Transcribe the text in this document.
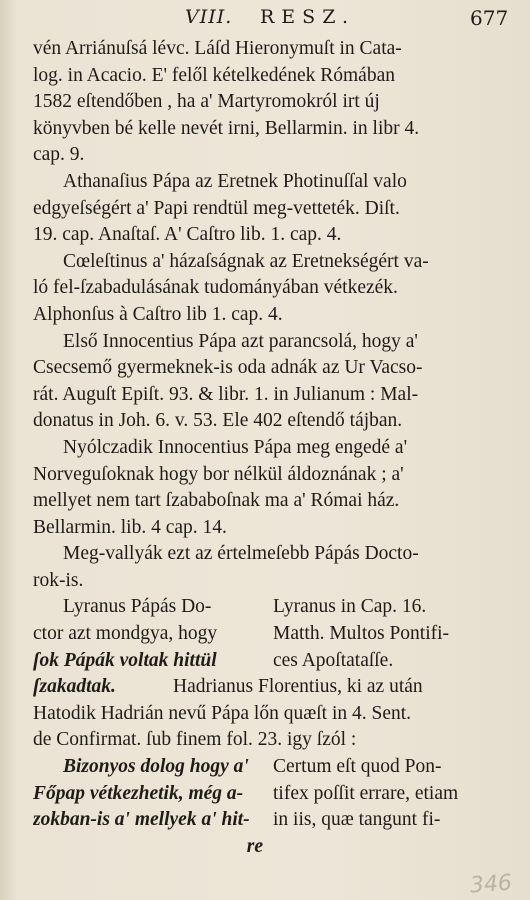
VIII. RESZ.	677
vén Arriánuſsá lévc. Láſd Hieronymuſt in Cata-
log. in Acacio. E' felől kételkedének Rómában
1582 eſtendőben , ha a' Martyromokról irt új
könyvben bé kelle nevét irni, Bellarmin. in libr 4.
cap. 9.
Athanaſius Pápa az Eretnek Photinuſſal valo
edgyeſségért a' Papi rendtül meg-vetteték. Diſt.
19. cap. Anaſtaſ. A' Caſtro lib. 1. cap. 4.
Cœleſtinus a' házaſságnak az Eretnekségért va-
ló fel-ſzabadulásának tudományában vétkezék.
Alphonſus à Caſtro lib 1. cap. 4.
Első Innocentius Pápa azt parancsolá, hogy a'
Csecsemő gyermeknek-is oda adnák az Ur Vacso-
rát. Auguſt Epiſt. 93. & libr. 1. in Julianum : Mal-
donatus in Joh. 6. v. 53. Ele 402 eſtendő tájban.
Nyólczadik Innocentius Pápa meg engedé a'
Norveguſoknak hogy bor nélkül áldoznának ; a'
mellyet nem tart ſzababoſnak ma a' Római ház.
Bellarmin. lib. 4 cap. 14.
Meg-vallyák ezt az értelmeſebb Pápás Docto-
rok-is.
Lyranus Pápás Do-
ctor azt mondgya, hogy
ſok Pápák voltak hittül
ſzakadtak.
Lyranus in Cap. 16.
Matth. Multos Pontifi-
ces Apoſtataſſe.
Hadrianus Florentius, ki az után
Hatodik Hadrián nevű Pápa lőn quæſt in 4. Sent.
de Confirmat. ſub finem fol. 23. igy ſzól :
Bizonyos dolog hogy a'
Főpap vétkezhetik, még a-
zokban-is a' mellyek a' hit-
re
Certum eſt quod Pon-
tifex poſſit errare, etiam
in iis, quæ tangunt fi-
346
